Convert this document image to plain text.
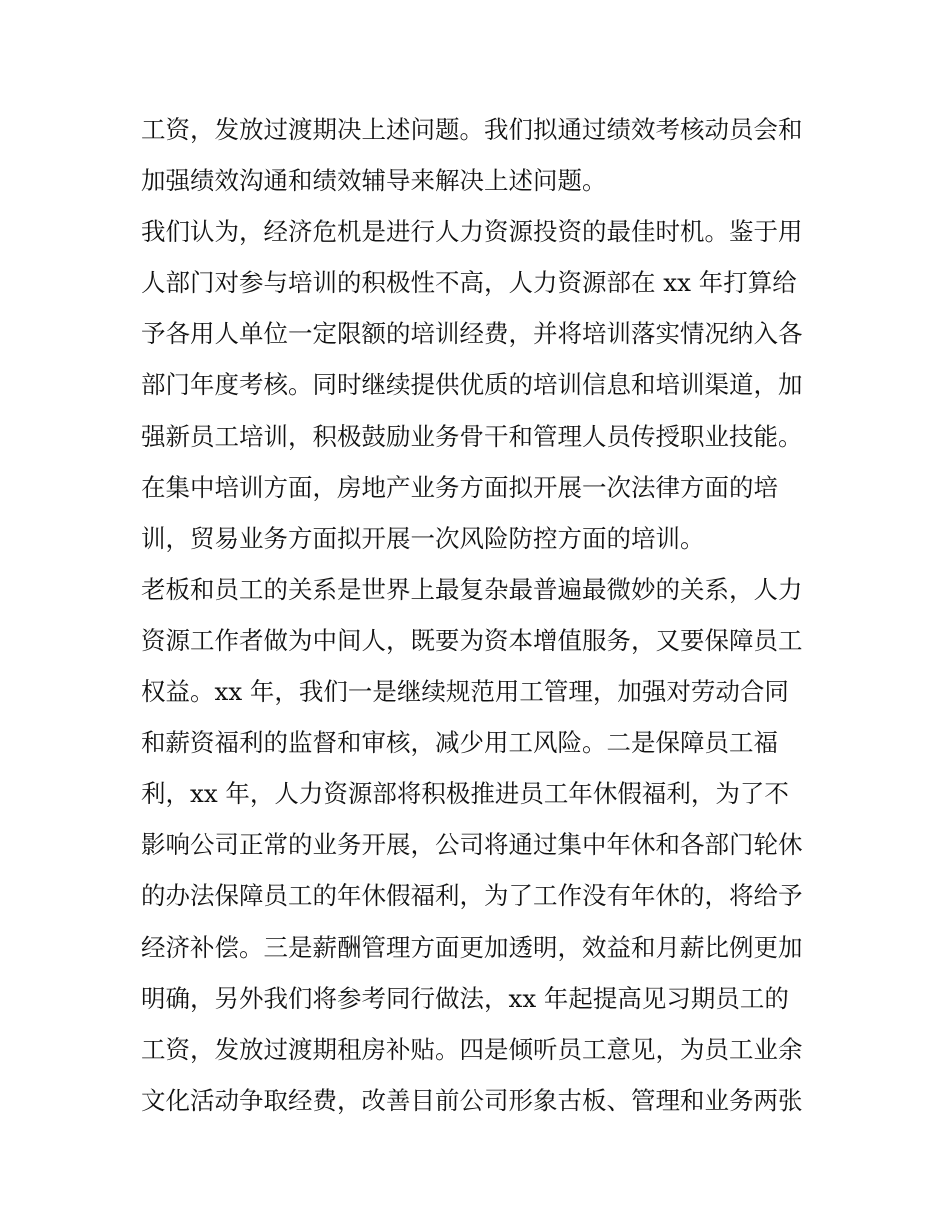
工资，发放过渡期决上述问题。我们拟通过绩效考核动员会和
加强绩效沟通和绩效辅导来解决上述问题。
我们认为，经济危机是进行人力资源投资的最佳时机。鉴于用
人部门对参与培训的积极性不高，人力资源部在 xx 年打算给
予各用人单位一定限额的培训经费，并将培训落实情况纳入各
部门年度考核。同时继续提供优质的培训信息和培训渠道，加
强新员工培训，积极鼓励业务骨干和管理人员传授职业技能。
在集中培训方面，房地产业务方面拟开展一次法律方面的培
训，贸易业务方面拟开展一次风险防控方面的培训。
老板和员工的关系是世界上最复杂最普遍最微妙的关系，人力
资源工作者做为中间人，既要为资本增值服务，又要保障员工
权益。xx 年，我们一是继续规范用工管理，加强对劳动合同
和薪资福利的监督和审核，减少用工风险。二是保障员工福
利，xx 年，人力资源部将积极推进员工年休假福利，为了不
影响公司正常的业务开展，公司将通过集中年休和各部门轮休
的办法保障员工的年休假福利，为了工作没有年休的，将给予
经济补偿。三是薪酬管理方面更加透明，效益和月薪比例更加
明确，另外我们将参考同行做法，xx 年起提高见习期员工的
工资，发放过渡期租房补贴。四是倾听员工意见，为员工业余
文化活动争取经费，改善目前公司形象古板、管理和业务两张
